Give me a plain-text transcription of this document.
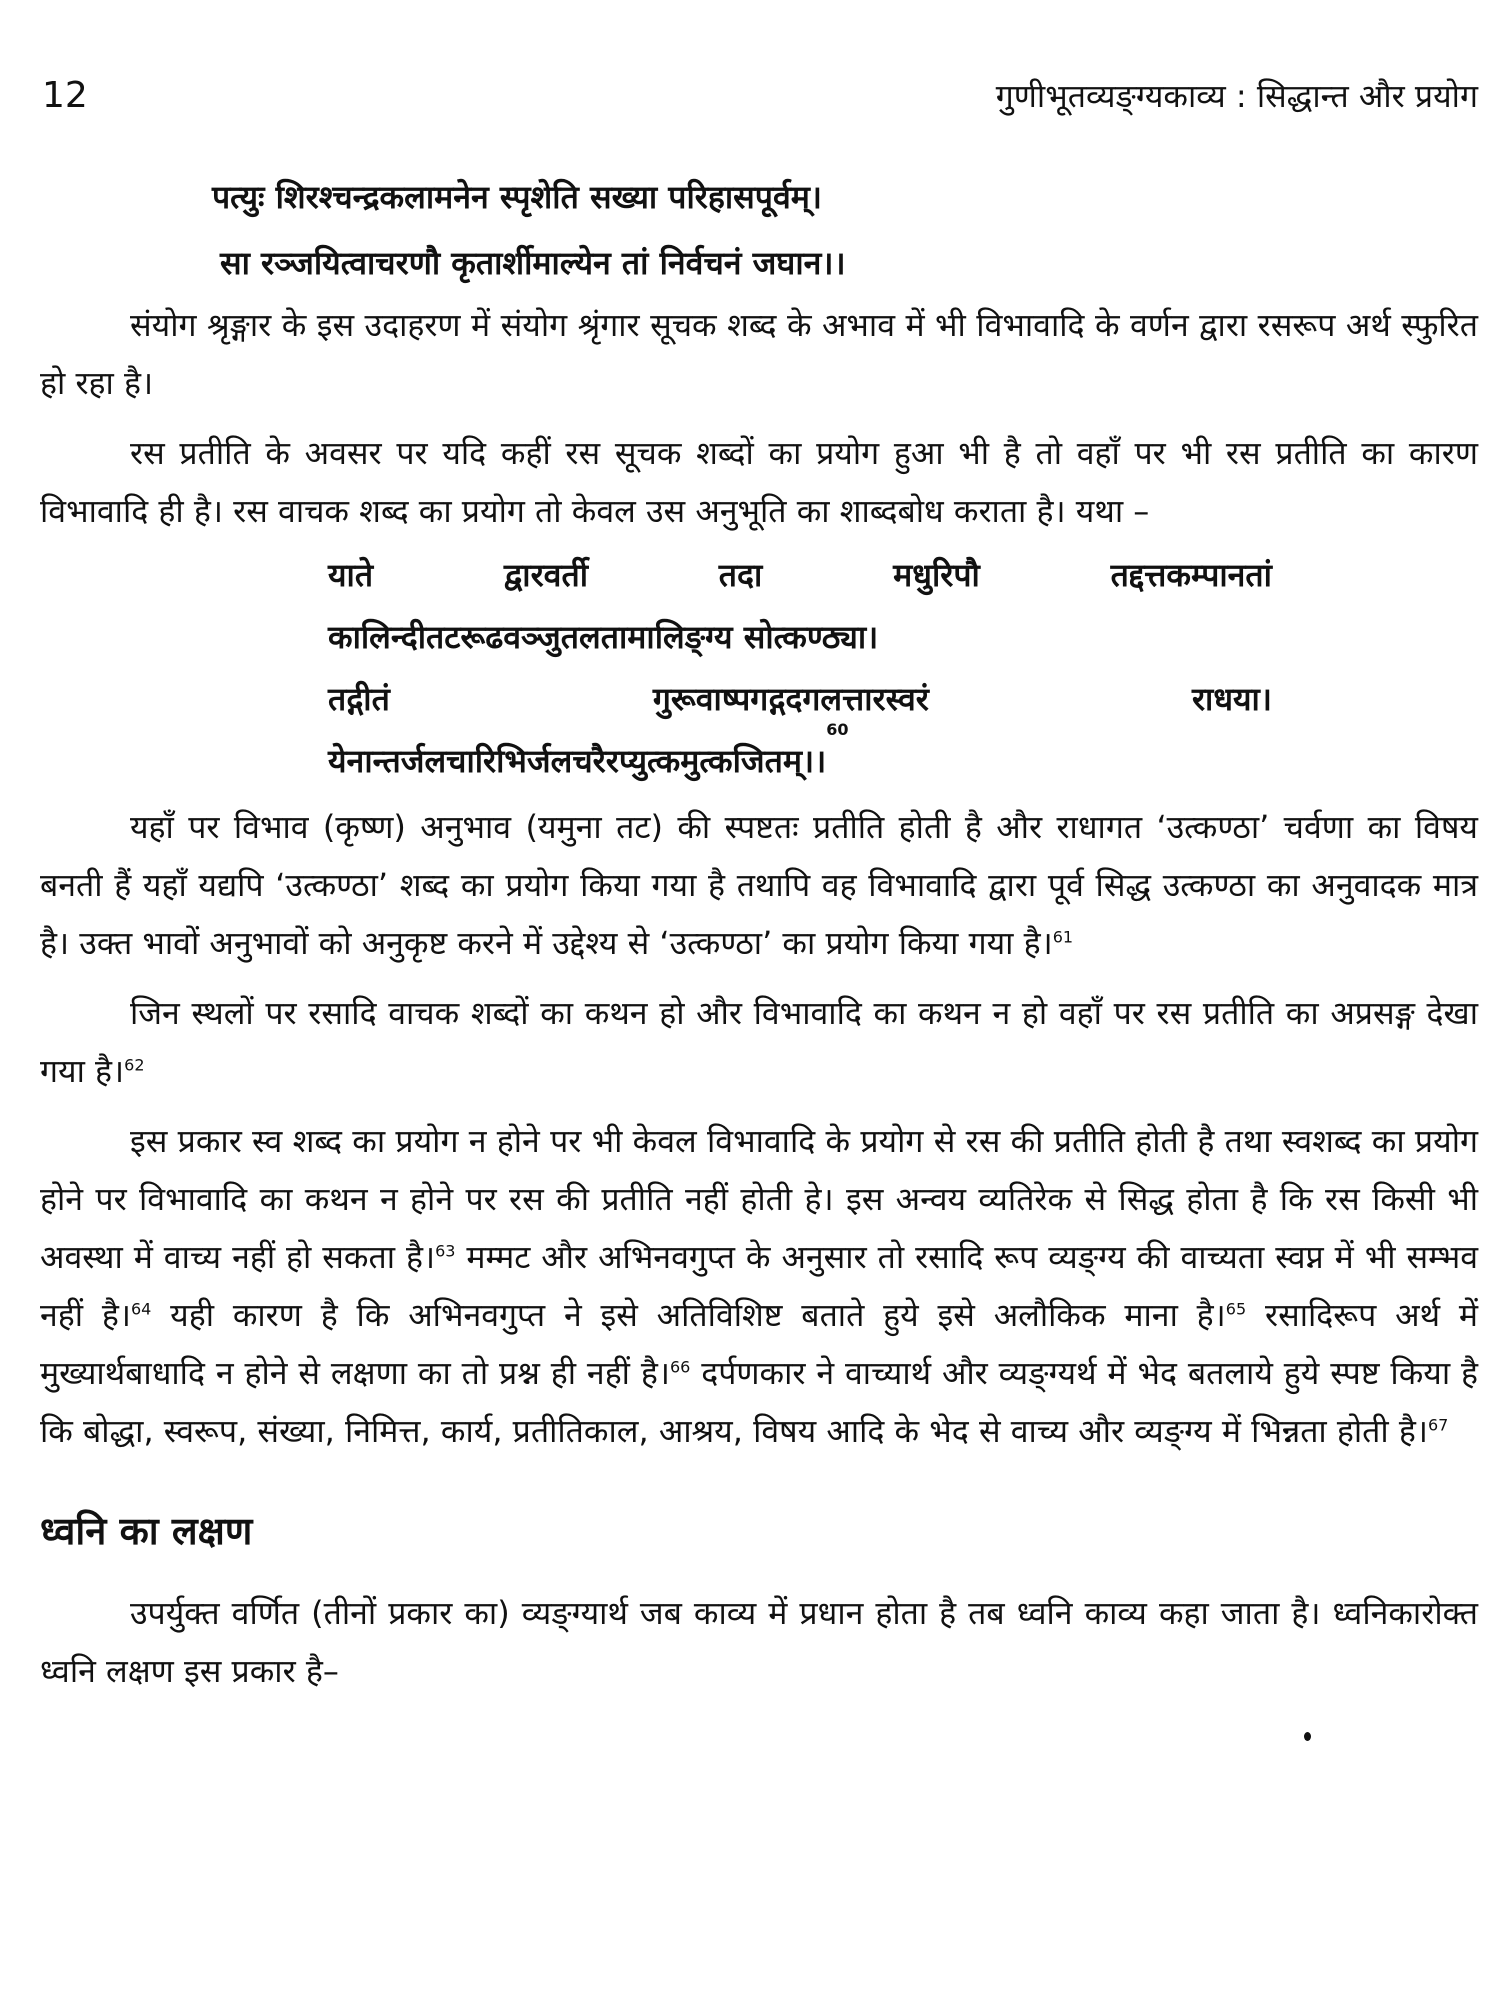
12	गुणीभूतव्यङ्ग्यकाव्य : सिद्धान्त और प्रयोग
पत्युः शिरश्चन्द्रकलामनेन स्पृशेति सख्या परिहासपूर्वम्।
सा रञ्जयित्वाचरणौ कृतार्शीमाल्येन तां निर्वचनं जघान।।

संयोग श्रृङ्गार के इस उदाहरण में संयोग श्रृंगार सूचक शब्द के अभाव में भी विभावादि के वर्णन द्वारा रसरूप अर्थ स्फुरित हो रहा है।

रस प्रतीति के अवसर पर यदि कहीं रस सूचक शब्दों का प्रयोग हुआ भी है तो वहाँ पर भी रस प्रतीति का कारण विभावादि ही है। रस वाचक शब्द का प्रयोग तो केवल उस अनुभूति का शाब्दबोध कराता है। यथा –

याते	द्वारवर्ती	तदा	मधुरिपौ	तद्दत्तकम्पानतां
कालिन्दीतटरूढवञ्जुतलतामालिङ्ग्य सोत्कण्ठ्या।
तद्गीतं	गुरूवाष्पगद्गदगलत्तारस्वरं	राधया।
येनान्तर्जलचारिभिर्जलचरैरप्युत्कमुत्कजितम्।।
60

यहाँ पर विभाव (कृष्ण) अनुभाव (यमुना तट) की स्पष्टतः प्रतीति होती है और राधागत ‘उत्कण्ठा’ चर्वणा का विषय बनती हैं यहाँ यद्यपि ‘उत्कण्ठा’ शब्द का प्रयोग किया गया है तथापि वह विभावादि द्वारा पूर्व सिद्ध उत्कण्ठा का अनुवादक मात्र है। उक्त भावों अनुभावों को अनुकृष्ट करने में उद्देश्य से ‘उत्कण्ठा’ का प्रयोग किया गया है।$^{61}$

जिन स्थलों पर रसादि वाचक शब्दों का कथन हो और विभावादि का कथन न हो वहाँ पर रस प्रतीति का अप्रसङ्ग देखा गया है।$^{62}$

इस प्रकार स्व शब्द का प्रयोग न होने पर भी केवल विभावादि के प्रयोग से रस की प्रतीति होती है तथा स्वशब्द का प्रयोग होने पर विभावादि का कथन न होने पर रस की प्रतीति नहीं होती हे। इस अन्वय व्यतिरेक से सिद्ध होता है कि रस किसी भी अवस्था में वाच्य नहीं हो सकता है।$^{63}$ मम्मट और अभिनवगुप्त के अनुसार तो रसादि रूप व्यङ्ग्य की वाच्यता स्वप्न में भी सम्भव नहीं है।$^{64}$ यही कारण है कि अभिनवगुप्त ने इसे अतिविशिष्ट बताते हुये इसे अलौकिक माना है।$^{65}$ रसादिरूप अर्थ में मुख्यार्थबाधादि न होने से लक्षणा का तो प्रश्न ही नहीं है।$^{66}$ दर्पणकार ने वाच्यार्थ और व्यङ्ग्यर्थ में भेद बतलाये हुये स्पष्ट किया है कि बोद्धा, स्वरूप, संख्या, निमित्त, कार्य, प्रतीतिकाल, आश्रय, विषय आदि के भेद से वाच्य और व्यङ्ग्य में भिन्नता होती है।$^{67}$

ध्वनि का लक्षण

उपर्युक्त वर्णित (तीनों प्रकार का) व्यङ्ग्यार्थ जब काव्य में प्रधान होता है तब ध्वनि काव्य कहा जाता है। ध्वनिकारोक्त ध्वनि लक्षण इस प्रकार है–
